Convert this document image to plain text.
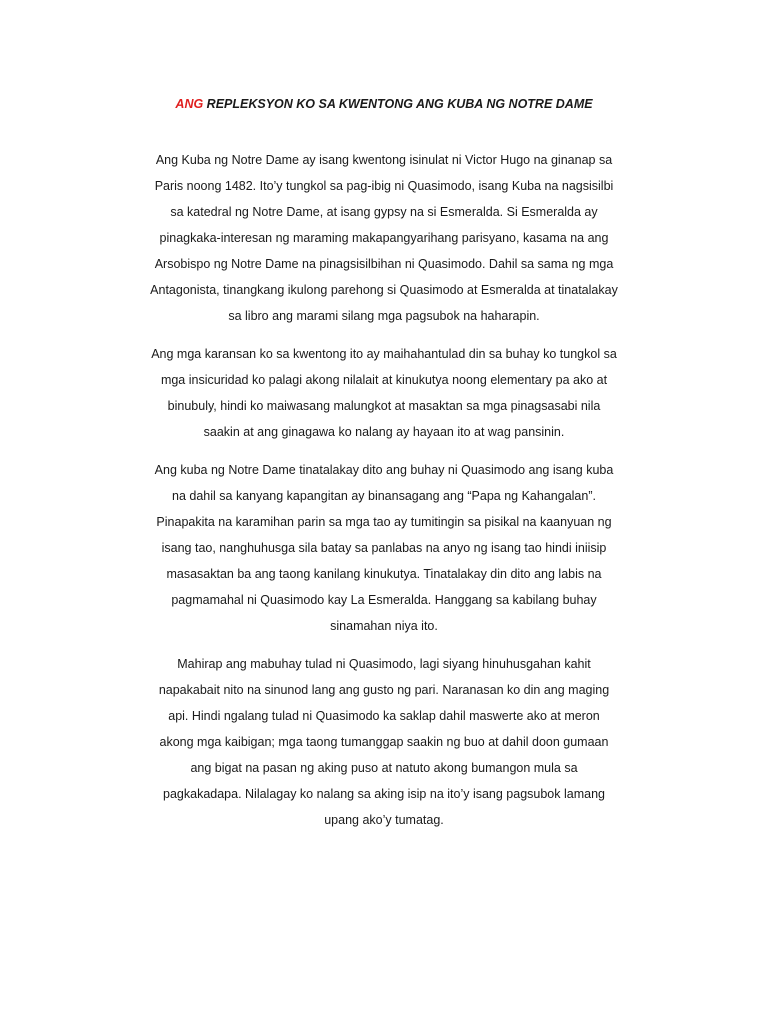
ANG REPLEKSYON KO SA KWENTONG ANG KUBA NG NOTRE DAME

Ang Kuba ng Notre Dame ay isang kwentong isinulat ni Victor Hugo na ginanap sa Paris noong 1482. Ito’y tungkol sa pag-ibig ni Quasimodo, isang Kuba na nagsisilbi sa katedral ng Notre Dame, at isang gypsy na si Esmeralda. Si Esmeralda ay pinagkaka-interesan ng maraming makapangyarihang parisyano, kasama na ang Arsobispo ng Notre Dame na pinagsisilbihan ni Quasimodo. Dahil sa sama ng mga Antagonista, tinangkang ikulong parehong si Quasimodo at Esmeralda at tinatalakay sa libro ang marami silang mga pagsubok na haharapin.

Ang mga karansan ko sa kwentong ito ay maihahantulad din sa buhay ko tungkol sa mga insicuridad ko palagi akong nilalait at kinukutya noong elementary pa ako at binubuly, hindi ko maiwasang malungkot at masaktan sa mga pinagsasabi nila saakin at ang ginagawa ko nalang ay hayaan ito at wag pansinin.

Ang kuba ng Notre Dame tinatalakay dito ang buhay ni Quasimodo ang isang kuba na dahil sa kanyang kapangitan ay binansagang ang “Papa ng Kahangalan”. Pinapakita na karamihan parin sa mga tao ay tumitingin sa pisikal na kaanyuan ng isang tao, nanghuhusga sila batay sa panlabas na anyo ng isang tao hindi iniisip masasaktan ba ang taong kanilang kinukutya. Tinatalakay din dito ang labis na pagmamahal ni Quasimodo kay La Esmeralda. Hanggang sa kabilang buhay sinamahan niya ito.

Mahirap ang mabuhay tulad ni Quasimodo, lagi siyang hinuhusgahan kahit napakabait nito na sinunod lang ang gusto ng pari. Naranasan ko din ang maging api. Hindi ngalang tulad ni Quasimodo ka saklap dahil maswerte ako at meron akong mga kaibigan; mga taong tumanggap saakin ng buo at dahil doon gumaan ang bigat na pasan ng aking puso at natuto akong bumangon mula sa pagkakadapa. Nilalagay ko nalang sa aking isip na ito’y isang pagsubok lamang upang ako’y tumatag.
